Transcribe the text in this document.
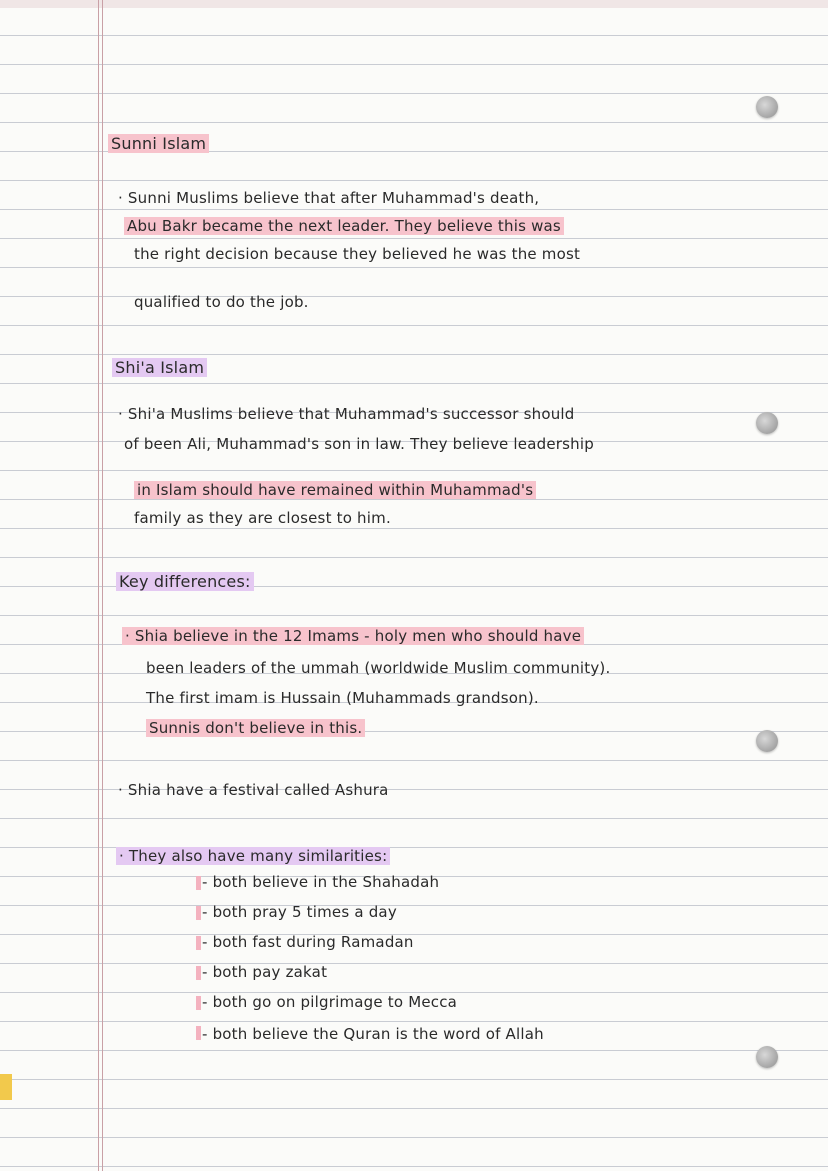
Sunni Islam

· Sunni Muslims believe that after Muhammad's death,

Abu Bakr became the next leader. They believe this was

the right decision because they believed he was the most

qualified to do the job.

Shi'a Islam

· Shi'a Muslims believe that Muhammad's successor should

of been Ali, Muhammad's son in law. They believe leadership

in Islam should have remained within Muhammad's

family as they are closest to him.

Key differences:

· Shia believe in the 12 Imams - holy men who should have

been leaders of the ummah (worldwide Muslim community).

The first imam is Hussain (Muhammads grandson).

Sunnis don't believe in this.

· Shia have a festival called Ashura

· They also have many similarities:

- both believe in the Shahadah

- both pray 5 times a day

- both fast during Ramadan

- both pay zakat

- both go on pilgrimage to Mecca

- both believe the Quran is the word of Allah
